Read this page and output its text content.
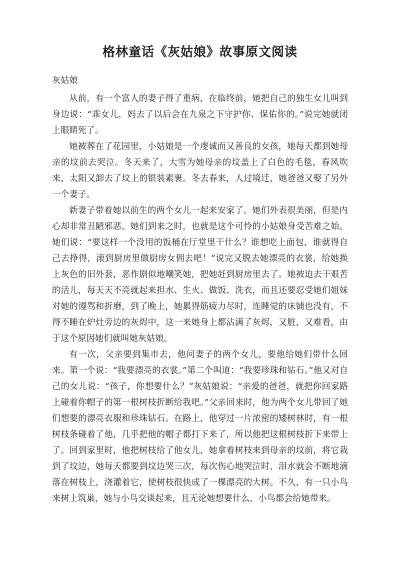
格林童话《灰姑娘》故事原文阅读

灰姑娘

从前，有一个富人的妻子得了重病，在临终前，她把自己的独生女儿叫到身边说：“乖女儿，妈去了以后会在九泉之下守护你、保佑你的。”说完她就闭上眼睛死了。

她被葬在了花园里，小姑娘是一个虔诚而又善良的女孩，她每天都到她母亲的坟前去哭泣。冬天来了，大雪为她母亲的坟盖上了白色的毛毯，春风吹来，太阳又卸去了坟上的银装素裹。冬去春来，人过境迁，她爸爸又娶了另外一个妻子。

新妻子带着她以前生的两个女儿一起来安家了。她们外表很美丽，但是内心却非常丑陋邪恶。她们到来之时，也就是这个可怜的小姑娘身受苦难之始。她们说：“要这样一个没用的饭桶在厅堂里干什么？谁想吃上面包，谁就得自己去挣得，滚到厨房里做厨房女佣去吧！”说完又脱去她漂亮的衣裳，给她换上灰色的旧外套，恶作剧似地嘲笑她，把她赶到厨房里去了。她被迫去干艰苦的活儿，每天天不亮就起来担水、生火、做饭、洗衣，而且还要忍受她们姐妹对她的谩骂和折磨，到了晚上，她累得筋疲力尽时，连睡觉的床铺也没有，不得不睡在炉灶旁边的灰烬中，这一来她身上都沾满了灰烬，又脏，又难看，由于这个原因她们就叫她灰姑娘。

有一次，父亲要到集市去，他问妻子的两个女儿，要他给她们带什么回来。第一个说：“我要漂亮的衣裳。”第二个叫道：“我要珍珠和钻石。”他又对自己的女儿说：“孩子，你想要什么？”灰姑娘说：“亲爱的爸爸，就把你回家路上碰着你帽子的第一根树枝折断给我吧。”父亲回来时，他为两个女儿带回了她们想要的漂亮衣服和珍珠钻石。在路上，他穿过一片浓密的矮树林时，有一根树枝条碰着了他，几乎把他的帽子都打下来了，所以他把这根树枝折下来带上了。回到家里时，他把树枝给了他女儿，她拿着树枝来到母亲的坟前，将它栽到了坟边，她每天都要到坟边哭三次，每次伤心地哭泣时，泪水就会不断地滴落在树枝上，浇灌着它，使树枝很快成了一棵漂亮的大树。不久，有一只小鸟来树上筑巢，她与小鸟交谈起来，且无论她想要什么，小鸟都会给她带来。
